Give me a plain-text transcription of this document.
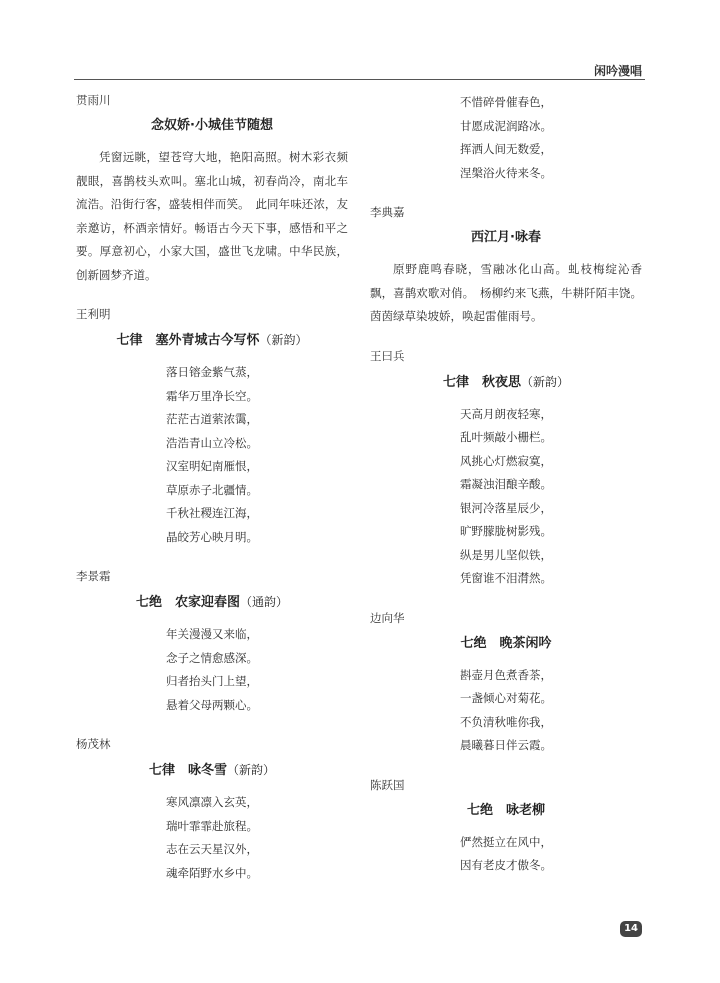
闲吟漫唱
贯雨川
念奴娇·小城佳节随想

凭窗远眺，望苍穹大地，艳阳高照。树木彩衣频靓眼，喜鹊枝头欢叫。塞北山城，初春尚冷，南北车流浩。沿街行客，盛装相伴而笑。　此同年味还浓，友亲邀访，杯酒亲情好。畅语古今天下事，感悟和平之要。厚意初心，小家大国，盛世飞龙啸。中华民族，创新圆梦齐道。

王利明
七律　塞外青城古今写怀（新韵）
落日镕金紫气蒸，
霜华万里净长空。
茫茫古道萦浓霭，
浩浩青山立冷松。
汉室明妃南雁恨，
草原赤子北疆情。
千秋社稷连江海，
晶皎芳心映月明。
李景霜
七绝　农家迎春图（通韵）
年关漫漫又来临，
念子之情愈感深。
归者抬头门上望，
悬着父母两颗心。
杨茂林
七律　咏冬雪（新韵）
寒风凛凛入玄英，
瑞叶霏霏赴旅程。
志在云天星汉外，
魂牵陌野水乡中。
不惜碎骨催春色，
甘愿成泥润路冰。
挥洒人间无数爱，
涅槃浴火待来冬。
李典嘉
西江月·咏春

原野鹿鸣春晓，雪融冰化山高。虬枝梅绽沁香飘，喜鹊欢歌对俏。　杨柳约来飞燕，牛耕阡陌丰饶。茵茵绿草染坡娇，唤起雷催雨号。

王曰兵
七律　秋夜思（新韵）
天高月朗夜轻寒，
乱叶频敲小栅栏。
风挑心灯燃寂寞，
霜凝浊泪酿辛酸。
银河冷落星辰少，
旷野朦胧树影残。
纵是男儿坚似铁，
凭窗谁不泪潸然。
边向华
七绝　晚茶闲吟
斟壶月色煮香茶，
一盏倾心对菊花。
不负清秋唯你我，
晨曦暮日伴云霞。
陈跃国
七绝　咏老柳
俨然挺立在风中，
因有老皮才傲冬。
14
